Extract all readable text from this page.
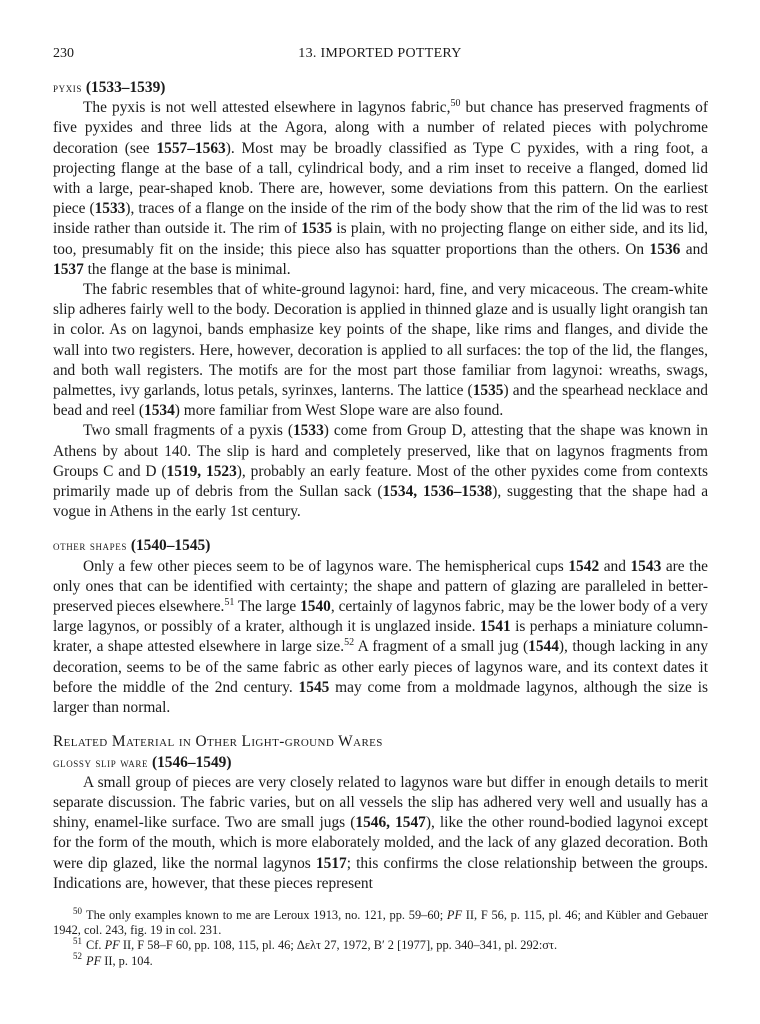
230	13. IMPORTED POTTERY

pyxis (1533–1539)

The pyxis is not well attested elsewhere in lagynos fabric,$^{50}$ but chance has preserved fragments of five pyxides and three lids at the Agora, along with a number of related pieces with polychrome decoration (see 1557–1563). Most may be broadly classified as Type C pyxides, with a ring foot, a projecting flange at the base of a tall, cylindrical body, and a rim inset to receive a flanged, domed lid with a large, pear-shaped knob. There are, however, some deviations from this pattern. On the earliest piece (1533), traces of a flange on the inside of the rim of the body show that the rim of the lid was to rest inside rather than outside it. The rim of 1535 is plain, with no projecting flange on either side, and its lid, too, presumably fit on the inside; this piece also has squatter proportions than the others. On 1536 and 1537 the flange at the base is minimal.

The fabric resembles that of white-ground lagynoi: hard, fine, and very micaceous. The cream-white slip adheres fairly well to the body. Decoration is applied in thinned glaze and is usually light orangish tan in color. As on lagynoi, bands emphasize key points of the shape, like rims and flanges, and divide the wall into two registers. Here, however, decoration is applied to all surfaces: the top of the lid, the flanges, and both wall registers. The motifs are for the most part those familiar from lagynoi: wreaths, swags, palmettes, ivy garlands, lotus petals, syrinxes, lanterns. The lattice (1535) and the spearhead necklace and bead and reel (1534) more familiar from West Slope ware are also found.

Two small fragments of a pyxis (1533) come from Group D, attesting that the shape was known in Athens by about 140. The slip is hard and completely preserved, like that on lagynos fragments from Groups C and D (1519, 1523), probably an early feature. Most of the other pyxides come from contexts primarily made up of debris from the Sullan sack (1534, 1536–1538), suggesting that the shape had a vogue in Athens in the early 1st century.

other shapes (1540–1545)

Only a few other pieces seem to be of lagynos ware. The hemispherical cups 1542 and 1543 are the only ones that can be identified with certainty; the shape and pattern of glazing are paralleled in better-preserved pieces elsewhere.$^{51}$ The large 1540, certainly of lagynos fabric, may be the lower body of a very large lagynos, or possibly of a krater, although it is unglazed inside. 1541 is perhaps a miniature column-krater, a shape attested elsewhere in large size.$^{52}$ A fragment of a small jug (1544), though lacking in any decoration, seems to be of the same fabric as other early pieces of lagynos ware, and its context dates it before the middle of the 2nd century. 1545 may come from a moldmade lagynos, although the size is larger than normal.

Related Material in Other Light-ground Wares

glossy slip ware (1546–1549)

A small group of pieces are very closely related to lagynos ware but differ in enough details to merit separate discussion. The fabric varies, but on all vessels the slip has adhered very well and usually has a shiny, enamel-like surface. Two are small jugs (1546, 1547), like the other round-bodied lagynoi except for the form of the mouth, which is more elaborately molded, and the lack of any glazed decoration. Both were dip glazed, like the normal lagynos 1517; this confirms the close relationship between the groups. Indications are, however, that these pieces represent

$^{50}$ The only examples known to me are Leroux 1913, no. 121, pp. 59–60; PF II, F 56, p. 115, pl. 46; and Kübler and Gebauer 1942, col. 243, fig. 19 in col. 231.

$^{51}$ Cf. PF II, F 58–F 60, pp. 108, 115, pl. 46; Δελτ 27, 1972, B′ 2 [1977], pp. 340–341, pl. 292:στ.

$^{52}$ PF II, p. 104.
